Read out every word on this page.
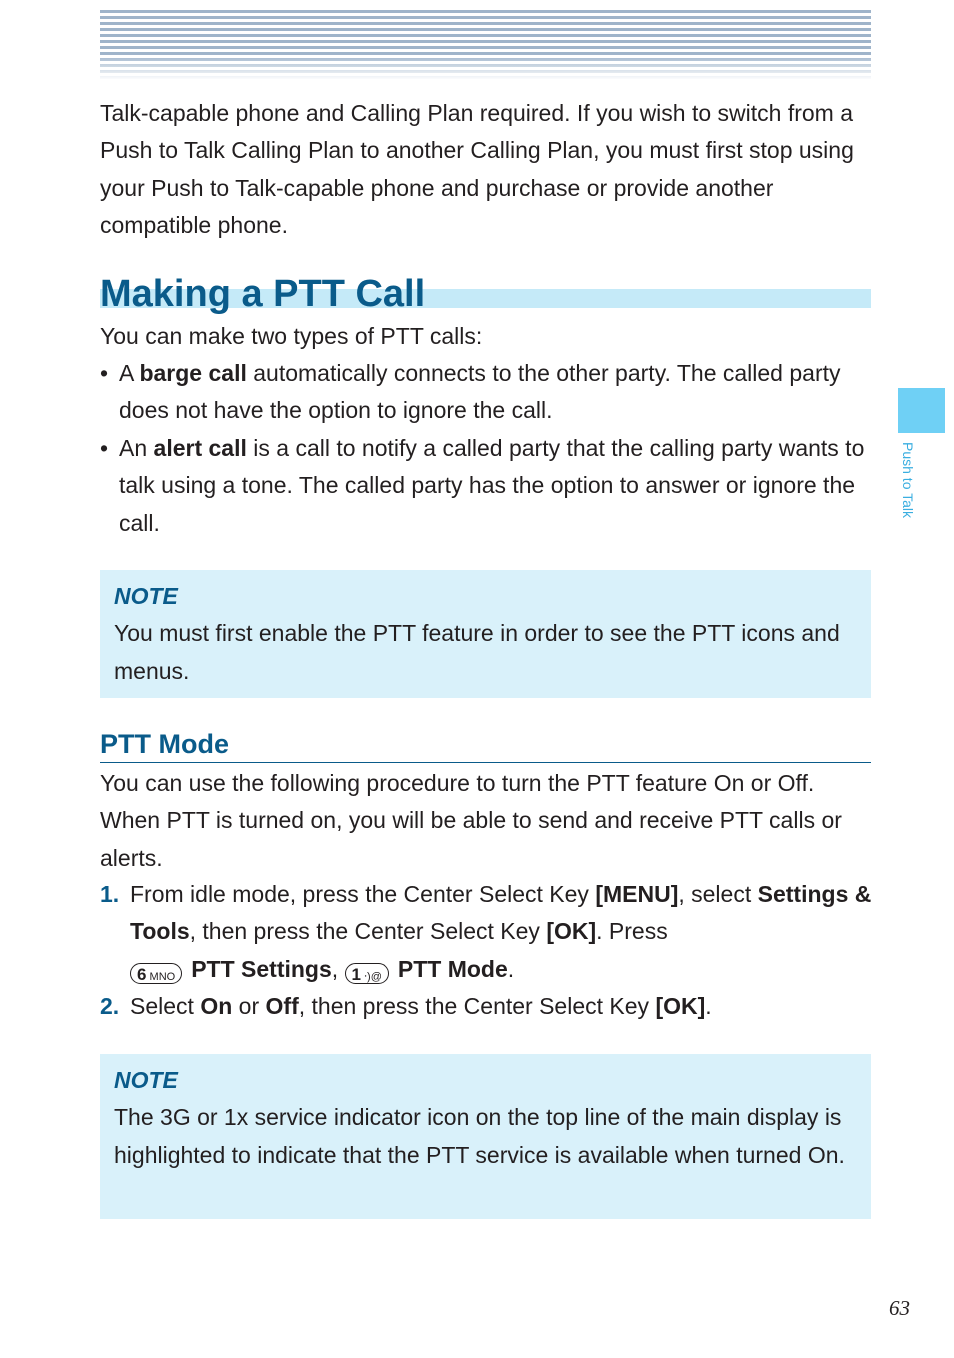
Talk-capable phone and Calling Plan required. If you wish to switch from a Push to Talk Calling Plan to another Calling Plan, you must first stop using your Push to Talk-capable phone and purchase or provide another compatible phone.

Making a PTT Call

You can make two types of PTT calls:

• A barge call automatically connects to the other party. The called party does not have the option to ignore the call.

• An alert call is a call to notify a called party that the calling party wants to talk using a tone. The called party has the option to answer or ignore the call.

NOTE

You must first enable the PTT feature in order to see the PTT icons and menus.

PTT Mode

You can use the following procedure to turn the PTT feature On or Off. When PTT is turned on, you will be able to send and receive PTT calls or alerts.

1. From idle mode, press the Center Select Key [MENU], select Settings & Tools, then press the Center Select Key [OK]. Press
6 MNO PTT Settings, 1 ⸱)@ PTT Mode.

2. Select On or Off, then press the Center Select Key [OK].

NOTE

The 3G or 1x service indicator icon on the top line of the main display is highlighted to indicate that the PTT service is available when turned On.

Push to Talk
63
